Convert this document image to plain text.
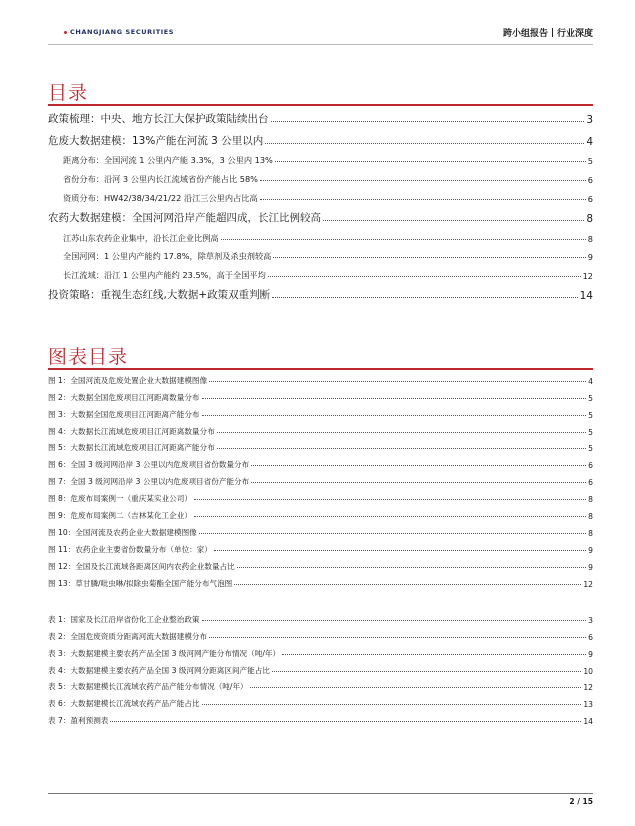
CHANGJIANG SECURITIES	跨小组报告 行业深度
目录
政策梳理：中央、地方长江大保护政策陆续出台	3
危废大数据建模：13%产能在河流 3 公里以内	4
距离分布：全国河流 1 公里内产能 3.3%，3 公里内 13%	5
省份分布：沿河 3 公里内长江流域省份产能占比 58%	6
资质分布：HW42/38/34/21/22 沿江三公里内占比高	6
农药大数据建模：全国河网沿岸产能超四成，长江比例较高	8
江苏山东农药企业集中，沿长江企业比例高	8
全国河网：1 公里内产能约 17.8%，除草剂及杀虫剂较高	9
长江流域：沿江 1 公里内产能约 23.5%，高于全国平均	12
投资策略：重视生态红线,大数据+政策双重判断	14
图表目录
图 1：全国河流及危废处置企业大数据建模图像	4
图 2：大数据全国危废项目江河距离数量分布	5
图 3：大数据全国危废项目江河距离产能分布	5
图 4：大数据长江流域危废项目江河距离数量分布	5
图 5：大数据长江流域危废项目江河距离产能分布	5
图 6：全国 3 级河网沿岸 3 公里以内危废项目省份数量分布	6
图 7：全国 3 级河网沿岸 3 公里以内危废项目省份产能分布	6
图 8：危废布局案例一（重庆某实业公司）	8
图 9：危废布局案例二（吉林某化工企业）	8
图 10：全国河流及农药企业大数据建模图像	8
图 11：农药企业主要省份数量分布（单位：家）	9
图 12：全国及长江流域各距离区间内农药企业数量占比	9
图 13：草甘膦/吡虫啉/拟除虫菊酯全国产能分布气泡图	12
表 1：国家及长江沿岸省份化工企业整治政策	3
表 2：全国危废资质分距离河流大数据建模分布	6
表 3：大数据建模主要农药产品全国 3 级河网产能分布情况（吨/年）	9
表 4：大数据建模主要农药产品全国 3 级河网分距离区间产能占比	10
表 5：大数据建模长江流域农药产品产能分布情况（吨/年）	12
表 6：大数据建模长江流域农药产品产能占比	13
表 7：盈利预测表	14
2 / 15
